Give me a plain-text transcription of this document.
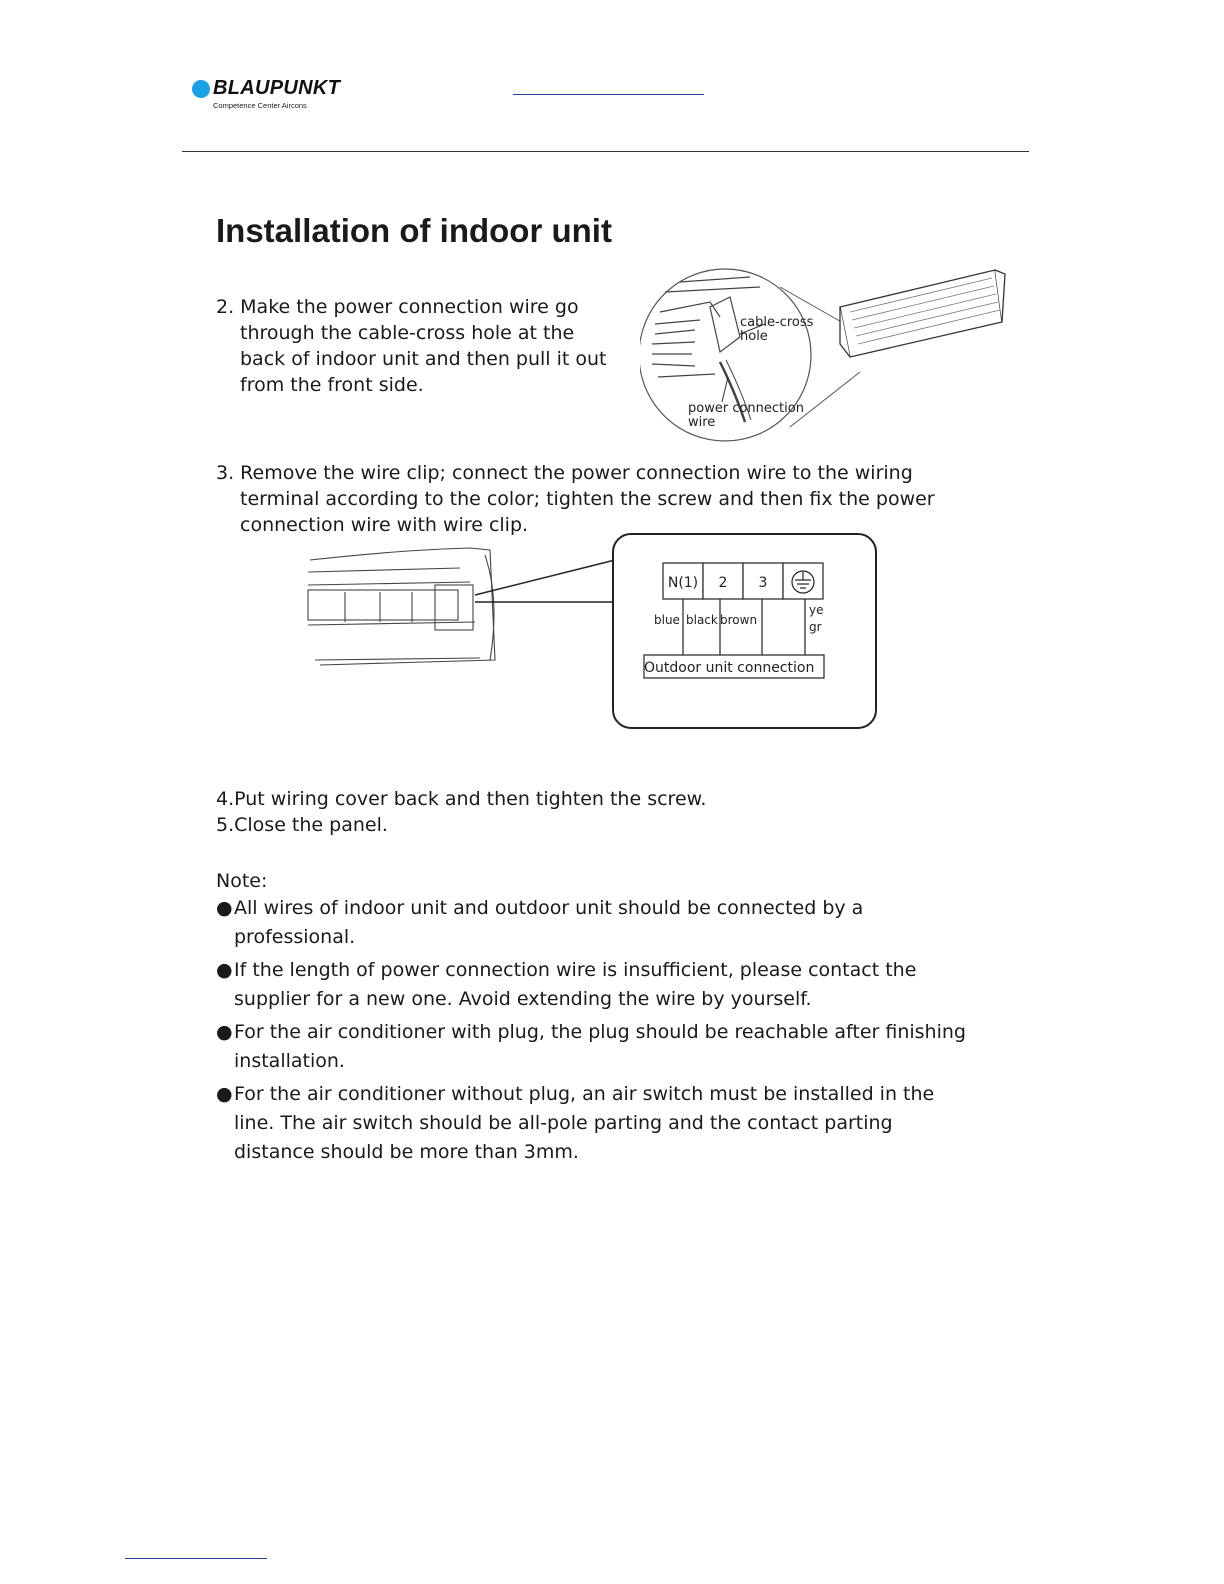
BLAUPUNKT
Competence Center Aircons
Installation of indoor unit
2. Make the power connection wire go
through the cable-cross hole at the
back of indoor unit and then pull it out
from the front side.
cable-cross
hole
power connection
wire
3. Remove the wire clip; connect the power connection wire to the wiring
terminal according to the color; tighten the screw and then fix the power
connection wire with wire clip.
N(1) 2 3
blue black brown
ye
gr
Outdoor unit connection
4.Put wiring cover back and then tighten the screw.
5.Close the panel.
Note:
● All wires of indoor unit and outdoor unit should be connected by a
professional.
● If the length of power connection wire is insufficient, please contact the
supplier for a new one. Avoid extending the wire by yourself.
● For the air conditioner with plug, the plug should be reachable after finishing
installation.
● For the air conditioner without plug, an air switch must be installed in the
line. The air switch should be all-pole parting and the contact parting
distance should be more than 3mm.
